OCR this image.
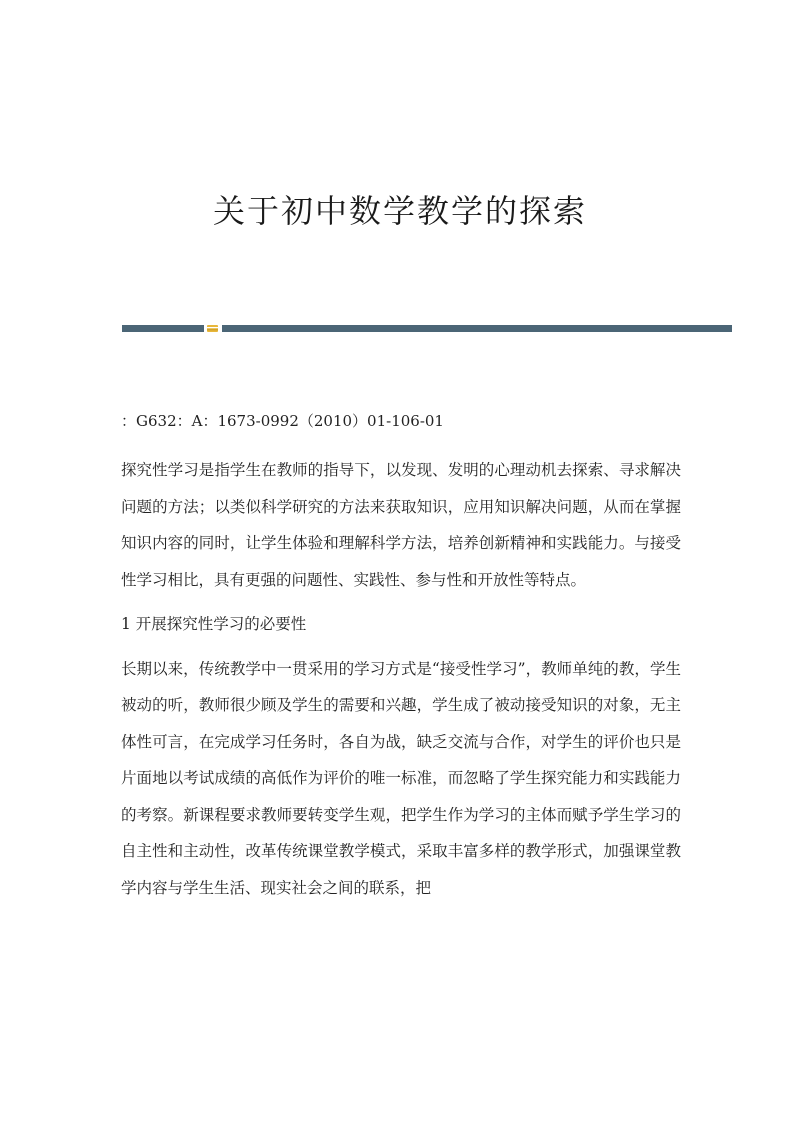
关于初中数学教学的探索

：G632：A：1673-0992（2010）01-106-01

探究性学习是指学生在教师的指导下，以发现、发明的心理动机去探索、寻求解决问题的方法；以类似科学研究的方法来获取知识，应用知识解决问题，从而在掌握知识内容的同时，让学生体验和理解科学方法，培养创新精神和实践能力。与接受性学习相比，具有更强的问题性、实践性、参与性和开放性等特点。

1 开展探究性学习的必要性

长期以来，传统教学中一贯采用的学习方式是“接受性学习”，教师单纯的教，学生被动的听，教师很少顾及学生的需要和兴趣，学生成了被动接受知识的对象，无主体性可言，在完成学习任务时，各自为战，缺乏交流与合作，对学生的评价也只是片面地以考试成绩的高低作为评价的唯一标准，而忽略了学生探究能力和实践能力的考察。新课程要求教师要转变学生观，把学生作为学习的主体而赋予学生学习的自主性和主动性，改革传统课堂教学模式，采取丰富多样的教学形式，加强课堂教学内容与学生生活、现实社会之间的联系，把
